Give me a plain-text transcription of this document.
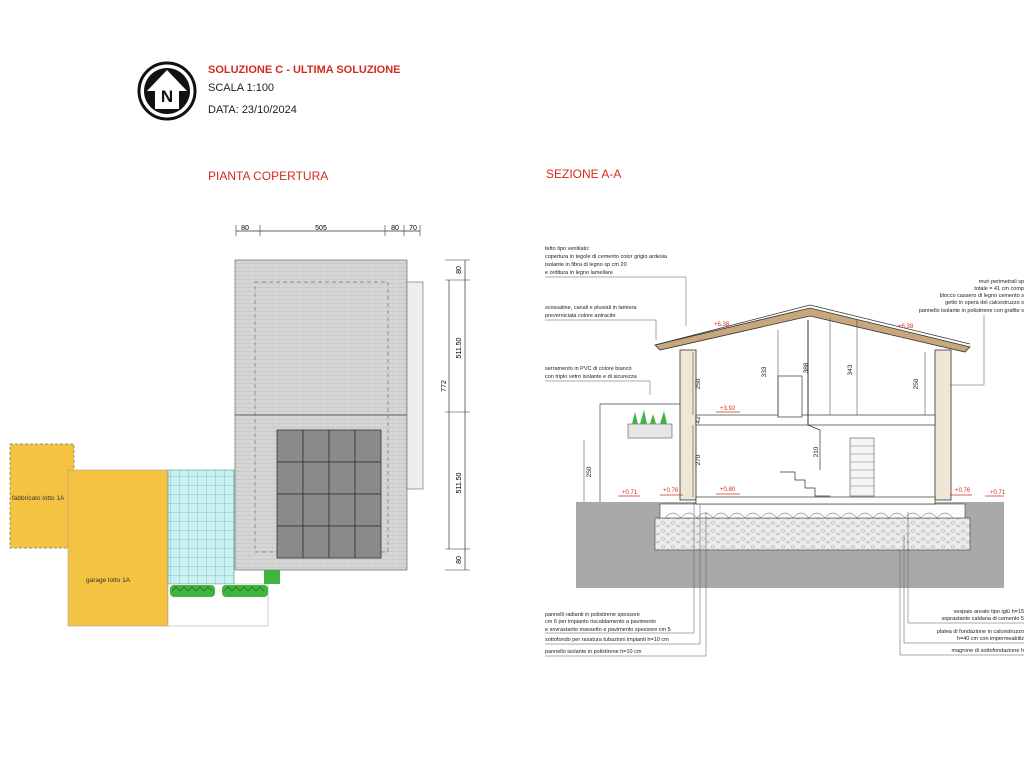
N
SOLUZIONE C - ULTIMA SOLUZIONE
SCALA 1:100
DATA: 23/10/2024
PIANTA COPERTURA	SEZIONE A-A
80	505	80 70
80
511.50
772
511.50
80
fabbricato lotto 1A
garage lotto 1A
250
333	388	343
250
42
270
250
210
+3.92
+0.71	+0.76	+0.80	+0.76	+0.71
+6.38	+6.38
tetto tipo ventilato:
copertura in tegole di cemento color grigio ardesia
isolante in fibra di legno sp cm 20
e orditura in legno lamellare
scossaline, canali e pluviali in lamiera
preverniciata colore antracite
serramento in PVC di colore bianco
con triplo vetro isolante e di sicurezza
muri perimetrali sp
totale = 41 cm comp
blocco cassero di legno cemento s
getto in opera del calcestruzzo s
pannello isolante in polistirene con grafite s
pannelli radianti in polistirene spessore
cm 6 per impianto riscaldamento a pavimento
e sovrastante massetto e pavimento spessore cm 5
sottofondo per rasatura tubazioni impianti h=10 cm
pannello isolante in polistirene h=10 cm
vespaio areato tipo iglù h=15
soprastante caldana di cemento 5
platea di fondazione in calcestruzzo
h=40 cm con impermeabiliz
magrone di sottofondazione h
